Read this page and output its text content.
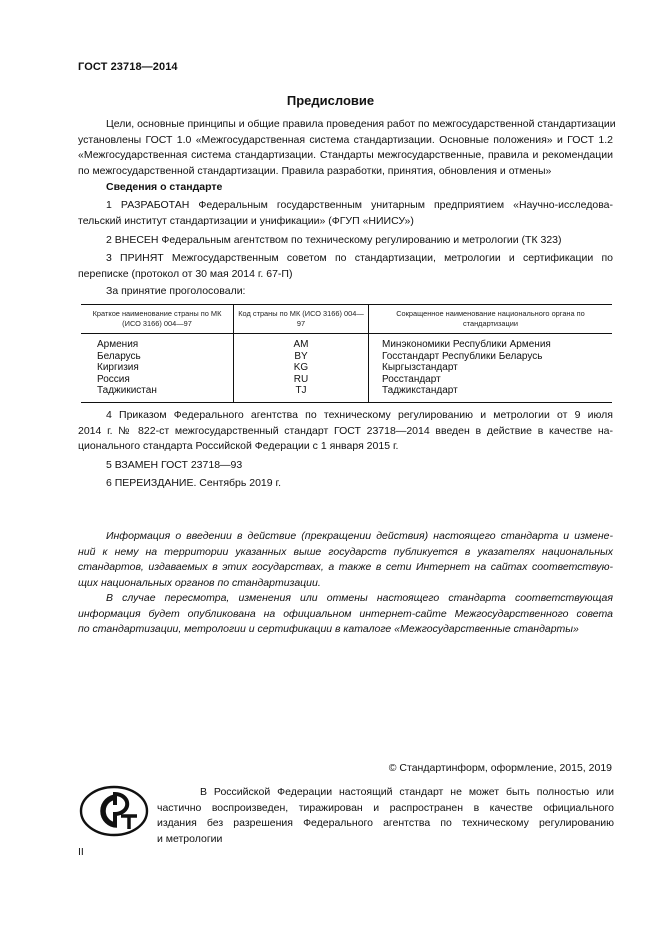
ГОСТ 23718—2014
Предисловие
Цели, основные принципы и общие правила проведения работ по межгосударственной стандартизации
установлены ГОСТ 1.0 «Межгосударственная система стандартизации. Основные положения» и ГОСТ 1.2
«Межгосударственная система стандартизации. Стандарты межгосударственные, правила и рекомендации
по межгосударственной стандартизации. Правила разработки, принятия, обновления и отмены»
Сведения о стандарте
1 РАЗРАБОТАН Федеральным государственным унитарным предприятием «Научно-исследова-
тельский институт стандартизации и унификации» (ФГУП «НИИСУ»)
2 ВНЕСЕН Федеральным агентством по техническому регулированию и метрологии (ТК 323)
3 ПРИНЯТ Межгосударственным советом по стандартизации, метрологии и сертификации по
переписке (протокол от 30 мая 2014 г. 67-П)
За принятие проголосовали:
Краткое наименование страны по МК (ИСО 3166) 004—97	Код страны по МК (ИСО 3166) 004—97	Сокращенное наименование национального органа по стандартизации
Армения	AM	Минэкономики Республики Армения
Беларусь	BY	Госстандарт Республики Беларусь
Киргизия	KG	Кыргызстандарт
Россия	RU	Росстандарт
Таджикистан	TJ	Таджикстандарт
4 Приказом Федерального агентства по техническому регулированию и метрологии от 9 июля
2014 г. № 822-ст межгосударственный стандарт ГОСТ 23718—2014 введен в действие в качестве на-
ционального стандарта Российской Федерации с 1 января 2015 г.
5 ВЗАМЕН ГОСТ 23718—93
6 ПЕРЕИЗДАНИЕ. Сентябрь 2019 г.
Информация о введении в действие (прекращении действия) настоящего стандарта и измене-
ний к нему на территории указанных выше государств публикуется в указателях национальных
стандартов, издаваемых в этих государствах, а также в сети Интернет на сайтах соответствую-
щих национальных органов по стандартизации.
В случае пересмотра, изменения или отмены настоящего стандарта соответствующая
информация будет опубликована на официальном интернет-сайте Межгосударственного совета
по стандартизации, метрологии и сертификации в каталоге «Межгосударственные стандарты»
© Стандартинформ, оформление, 2015, 2019
В Российской Федерации настоящий стандарт не может быть полностью или
частично воспроизведен, тиражирован и распространен в качестве официального
издания без разрешения Федерального агентства по техническому регулированию
и метрологии
II
